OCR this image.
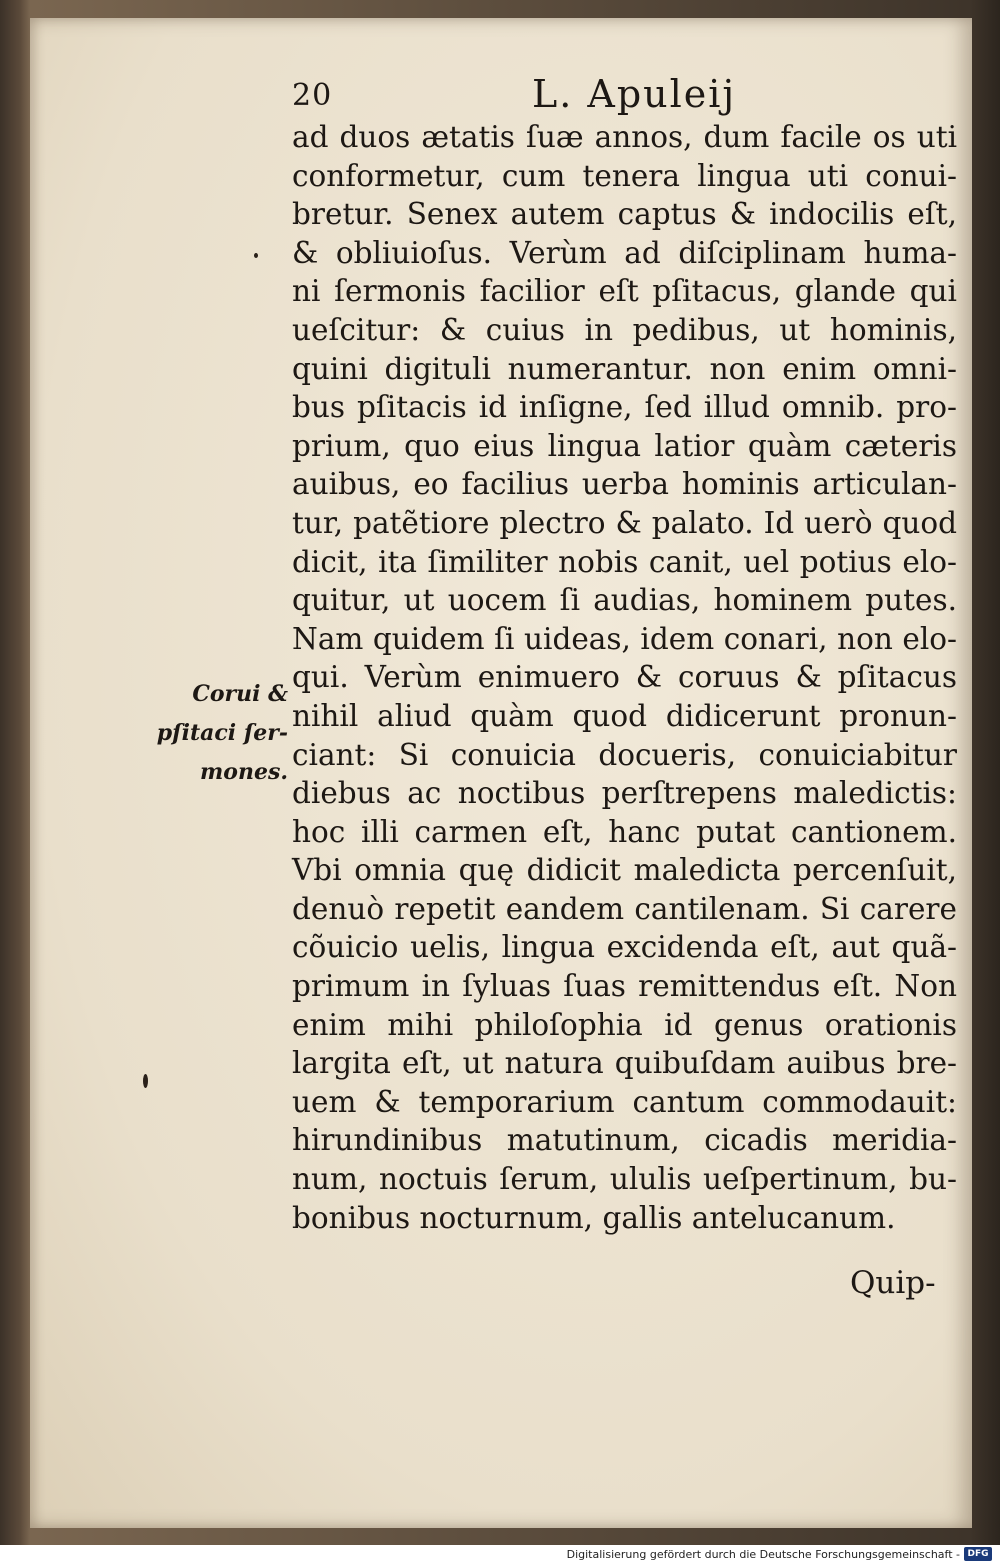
20	L. Apuleij
ad duos ætatis ſuæ annos, dum facile os uti
conformetur, cum tenera lingua uti conui-
bretur. Senex autem captus & indocilis eſt,
& obliuioſus. Verùm ad diſciplinam huma-
ni ſermonis facilior eſt pſitacus, glande qui
ueſcitur: & cuius in pedibus, ut hominis,
quini digituli numerantur. non enim omni-
bus pſitacis id inſigne, ſed illud omnib. pro-
prium, quo eius lingua latior quàm cæteris
auibus, eo facilius uerba hominis articulan-
tur, patẽtiore plectro & palato. Id uerò quod
dicit, ita ſimiliter nobis canit, uel potius elo-
quitur, ut uocem ſi audias, hominem putes.
Nam quidem ſi uideas, idem conari, non elo-
qui. Verùm enimuero & coruus & pſitacus
nihil aliud quàm quod didicerunt pronun-
ciant: Si conuicia docueris, conuiciabitur
diebus ac noctibus perſtrepens maledictis:
hoc illi carmen eſt, hanc putat cantionem.
Vbi omnia quę didicit maledicta percenſuit,
denuò repetit eandem cantilenam. Si carere
cõuicio uelis, lingua excidenda eſt, aut quã-
primum in ſyluas ſuas remittendus eſt. Non
enim mihi philoſophia id genus orationis
largita eſt, ut natura quibuſdam auibus bre-
uem & temporarium cantum commodauit:
hirundinibus matutinum, cicadis meridia-
num, noctuis ſerum, ululis ueſpertinum, bu-
bonibus nocturnum, gallis antelucanum.
Quip-
Corui &
pſitaci ſer-
mones.
Digitalisierung gefördert durch die Deutsche Forschungsgemeinschaft - DFG
